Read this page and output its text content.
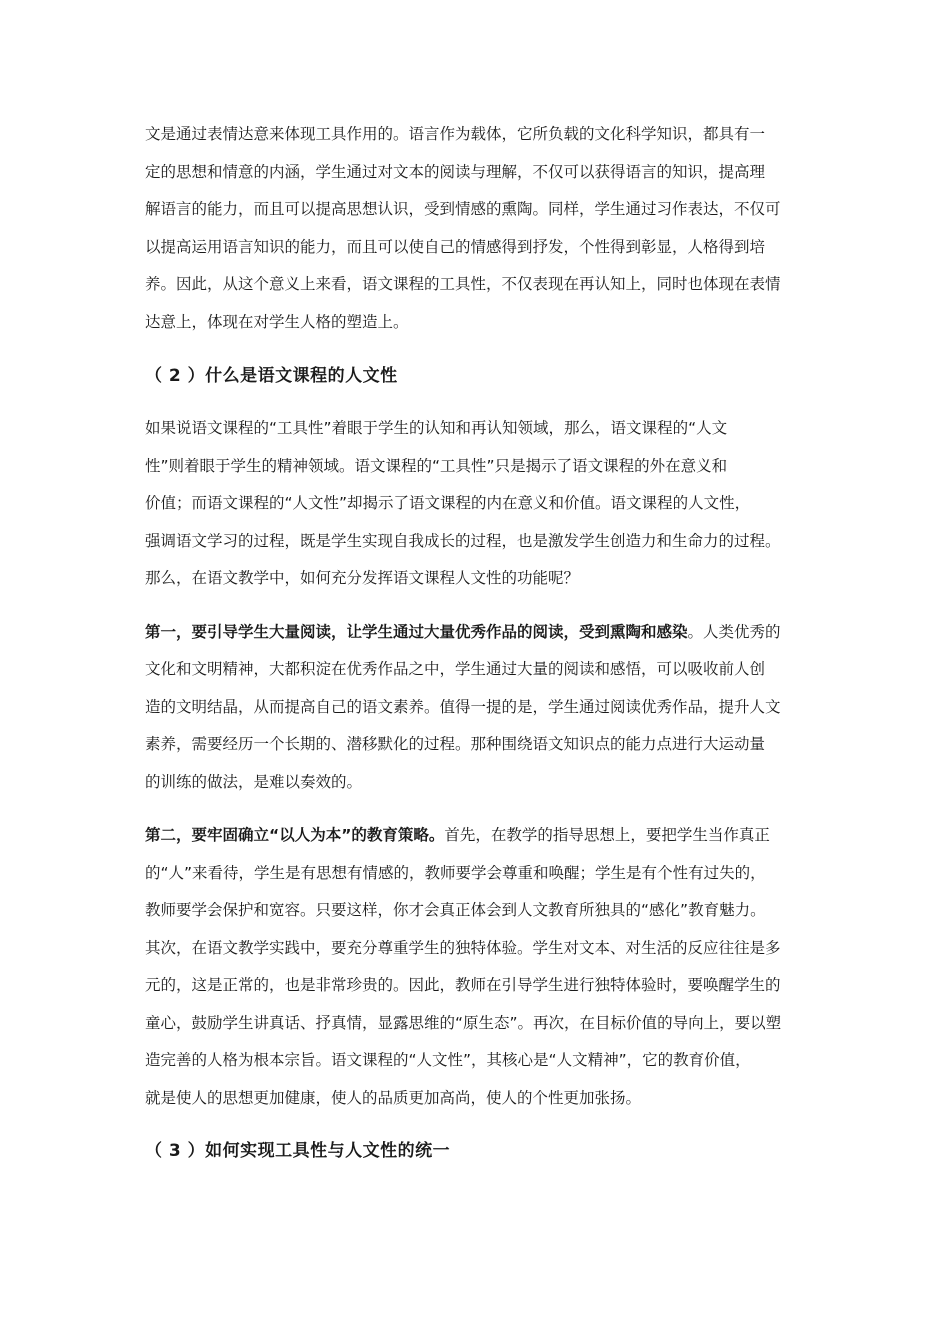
文是通过表情达意来体现工具作用的。语言作为载体，它所负载的文化科学知识，都具有一
定的思想和情意的内涵，学生通过对文本的阅读与理解，不仅可以获得语言的知识，提高理
解语言的能力，而且可以提高思想认识，受到情感的熏陶。同样，学生通过习作表达，不仅可
以提高运用语言知识的能力，而且可以使自己的情感得到抒发，个性得到彰显，人格得到培
养。因此，从这个意义上来看，语文课程的工具性，不仅表现在再认知上，同时也体现在表情
达意上，体现在对学生人格的塑造上。
（ 2 ）什么是语文课程的人文性
如果说语文课程的“工具性”着眼于学生的认知和再认知领域，那么，语文课程的“人文
性”则着眼于学生的精神领域。语文课程的“工具性”只是揭示了语文课程的外在意义和
价值；而语文课程的“人文性”却揭示了语文课程的内在意义和价值。语文课程的人文性，
强调语文学习的过程，既是学生实现自我成长的过程，也是激发学生创造力和生命力的过程。
那么，在语文教学中，如何充分发挥语文课程人文性的功能呢？
第一，要引导学生大量阅读，让学生通过大量优秀作品的阅读，受到熏陶和感染。人类优秀的
文化和文明精神，大都积淀在优秀作品之中，学生通过大量的阅读和感悟，可以吸收前人创
造的文明结晶，从而提高自己的语文素养。值得一提的是，学生通过阅读优秀作品，提升人文
素养，需要经历一个长期的、潜移默化的过程。那种围绕语文知识点的能力点进行大运动量
的训练的做法，是难以奏效的。
第二，要牢固确立“以人为本”的教育策略。首先，在教学的指导思想上，要把学生当作真正
的“人”来看待，学生是有思想有情感的，教师要学会尊重和唤醒；学生是有个性有过失的，
教师要学会保护和宽容。只要这样，你才会真正体会到人文教育所独具的“感化”教育魅力。
其次，在语文教学实践中，要充分尊重学生的独特体验。学生对文本、对生活的反应往往是多
元的，这是正常的，也是非常珍贵的。因此，教师在引导学生进行独特体验时，要唤醒学生的
童心，鼓励学生讲真话、抒真情，显露思维的“原生态”。再次，在目标价值的导向上，要以塑
造完善的人格为根本宗旨。语文课程的“人文性”，其核心是“人文精神”，它的教育价值，
就是使人的思想更加健康，使人的品质更加高尚，使人的个性更加张扬。
（ 3 ）如何实现工具性与人文性的统一
